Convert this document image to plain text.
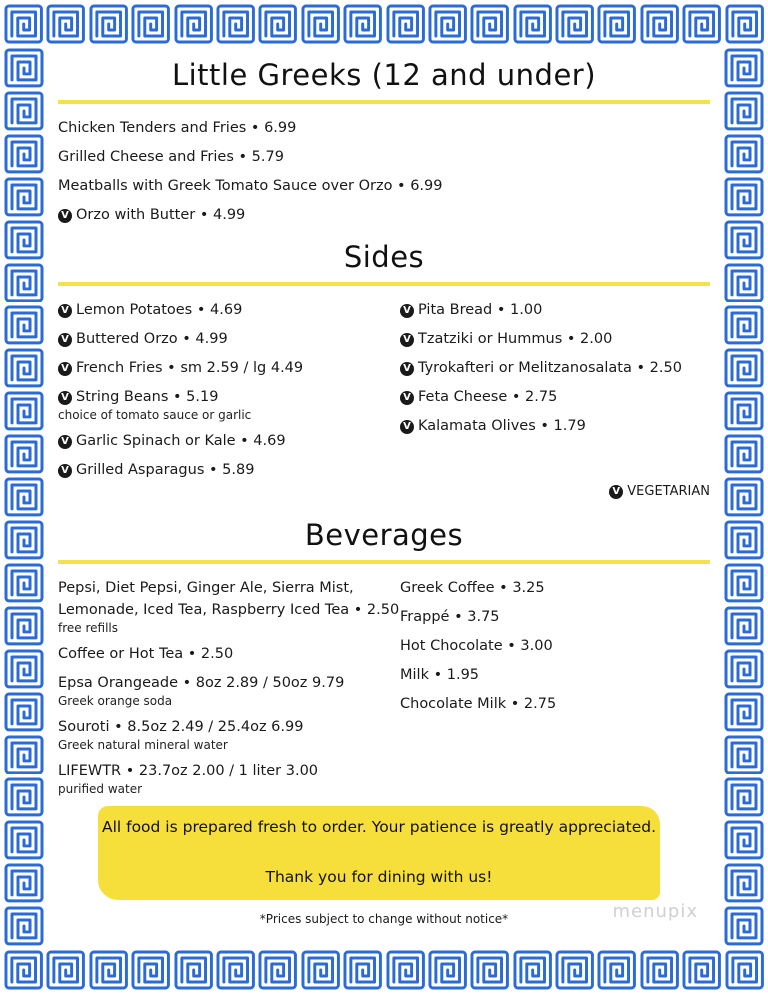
Little Greeks (12 and under)
Chicken Tenders and Fries • 6.99
Grilled Cheese and Fries • 5.79
Meatballs with Greek Tomato Sauce over Orzo • 6.99
V Orzo with Butter • 4.99
Sides
V Lemon Potatoes • 4.69
V Buttered Orzo • 4.99
V French Fries • sm 2.59 / lg 4.49
V String Beans • 5.19
choice of tomato sauce or garlic
V Garlic Spinach or Kale • 4.69
V Grilled Asparagus • 5.89
V Pita Bread • 1.00
V Tzatziki or Hummus • 2.00
V Tyrokafteri or Melitzanosalata • 2.50
V Feta Cheese • 2.75
V Kalamata Olives • 1.79
V VEGETARIAN
Beverages
Pepsi, Diet Pepsi, Ginger Ale, Sierra Mist,
Lemonade, Iced Tea, Raspberry Iced Tea • 2.50
free refills
Coffee or Hot Tea • 2.50
Epsa Orangeade • 8oz 2.89 / 50oz 9.79
Greek orange soda
Souroti • 8.5oz 2.49 / 25.4oz 6.99
Greek natural mineral water
LIFEWTR • 23.7oz 2.00 / 1 liter 3.00
purified water
Greek Coffee • 3.25
Frappé • 3.75
Hot Chocolate • 3.00
Milk • 1.95
Chocolate Milk • 2.75
All food is prepared fresh to order. Your patience is greatly appreciated.
Thank you for dining with us!
*Prices subject to change without notice*	menupix
